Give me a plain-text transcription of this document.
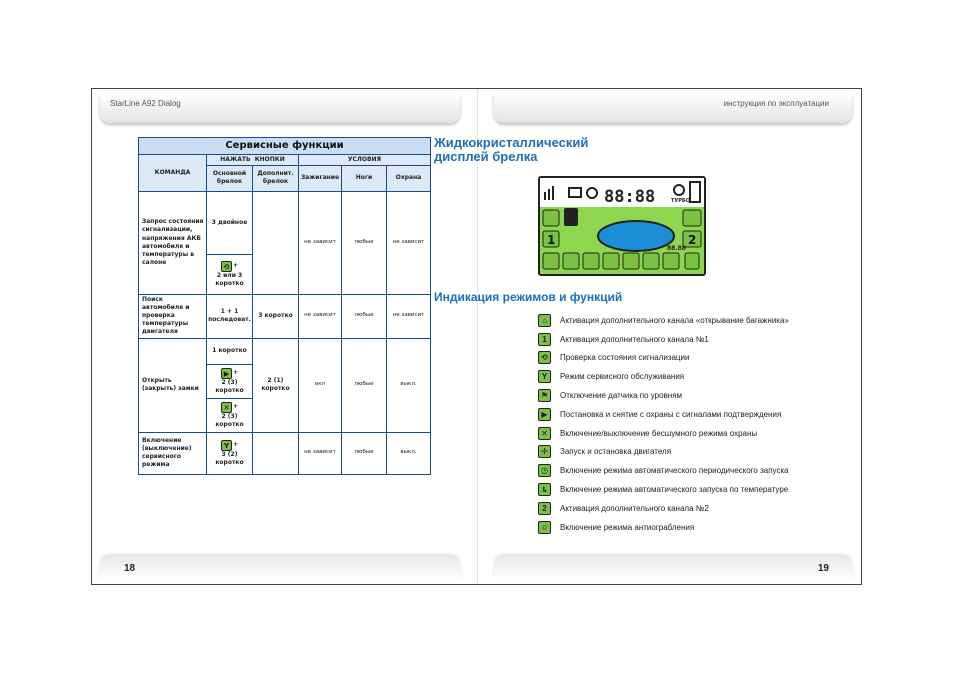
StarLine A92 Dialog	инструкция по эксплуатации
18	19
Сервисные функции					
КОМАНДА	НАЖАТЬ  КНОПКИ		УСЛОВИЯ		
	Основной брелок	Дополнит. брелок	Зажигание	Ноги	Охрана
Запрос состояния сигнализации, напряжения АКБ автомобиля и температуры в салоне	3 двойное		не зависит	любые	не зависит
	⟲ +
2 или 3 коротко				
Поиск автомобиля и проверка температуры двигателя	1 + 1 последоват.	3 коротко	не зависит	любые	не зависит
Открыть (закрыть) замки	1 коротко	2 (1) коротко	вкл	любые	выкл.
	▶ +
2 (3) коротко				
	✕ +
2 (3) коротко				
Включение (выключение) сервисного режима	Y +
3 (2) коротко		не зависит	любые	выкл.
Жидкокристаллический
дисплей брелка
88:88	ТУРБО
1	2
88.88
Индикация режимов и функций
⌂	Активация дополнительного канала «открывание багажника»
1	Активация дополнительного канала №1
⟲	Проверка состояния сигнализации
Y	Режим сервисного обслуживания
⚑	Отключение датчика по уровням
▶	Постановка и снятие с охраны с сигналами подтверждения
✕	Включение/выключение бесшумного режима охраны
✢	Запуск и остановка двигателя
◷	Включение режима автоматического периодического запуска
ȶ	Включение режима автоматического запуска по температуре
2	Активация дополнительного канала №2
☺	Включение режима антиограбления
